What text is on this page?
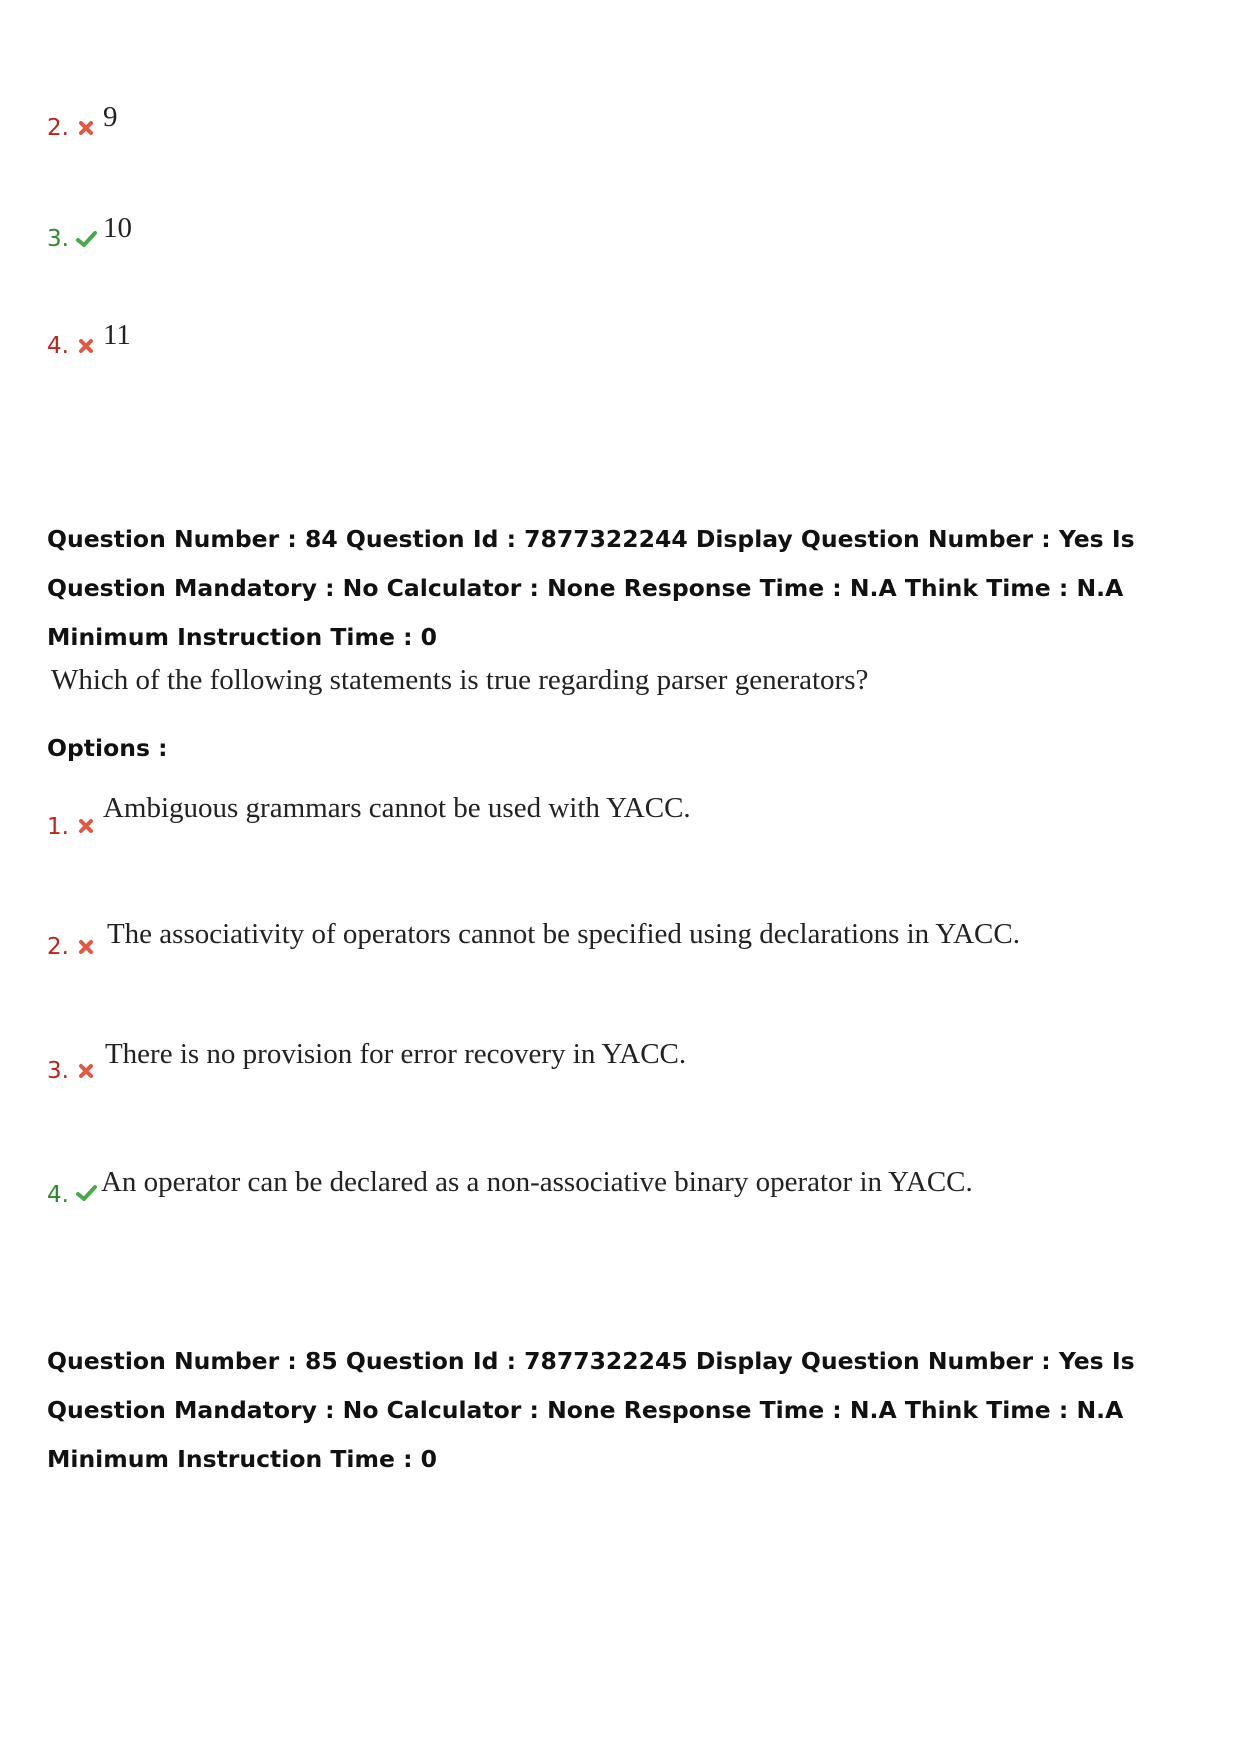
2. 9
3. 10
4. 11

Question Number : 84 Question Id : 7877322244 Display Question Number : Yes Is Question Mandatory : No Calculator : None Response Time : N.A Think Time : N.A Minimum Instruction Time : 0

Which of the following statements is true regarding parser generators?
Options :
1.
Ambiguous grammars cannot be used with YACC.
2. The associativity of operators cannot be specified using declarations in YACC.
3.
There is no provision for error recovery in YACC.
4. An operator can be declared as a non-associative binary operator in YACC.

Question Number : 85 Question Id : 7877322245 Display Question Number : Yes Is Question Mandatory : No Calculator : None Response Time : N.A Think Time : N.A Minimum Instruction Time : 0
